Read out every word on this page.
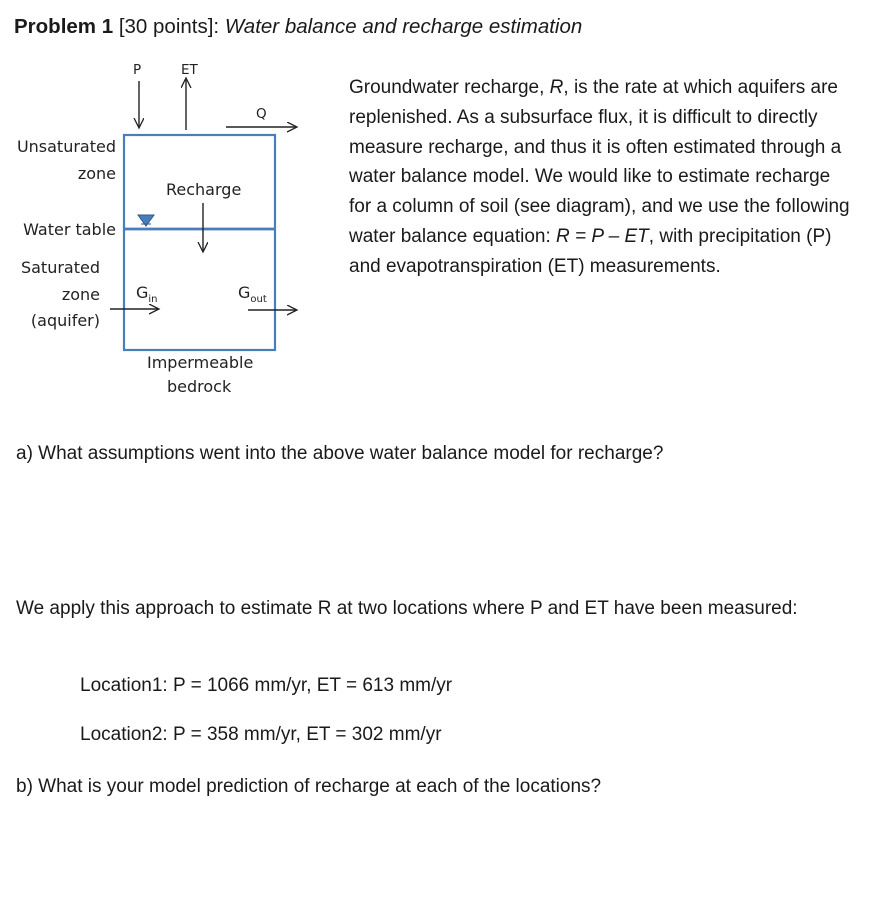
Problem 1 [30 points]: Water balance and recharge estimation
P	ET
Q
Unsaturated
zone
Recharge
Water table
Saturated
zone
(aquifer)
$G_{in}$	$G_{out}$
Impermeable
bedrock
Groundwater recharge, R, is the rate at which aquifers are replenished. As a subsurface flux, it is difficult to directly measure recharge, and thus it is often estimated through a water balance model. We would like to estimate recharge for a column of soil (see diagram), and we use the following water balance equation: R = P – ET, with precipitation (P) and evapotranspiration (ET) measurements.
a) What assumptions went into the above water balance model for recharge?
We apply this approach to estimate R at two locations where P and ET have been measured:
Location1: P = 1066 mm/yr, ET = 613 mm/yr
Location2: P = 358 mm/yr, ET = 302 mm/yr
b) What is your model prediction of recharge at each of the locations?
